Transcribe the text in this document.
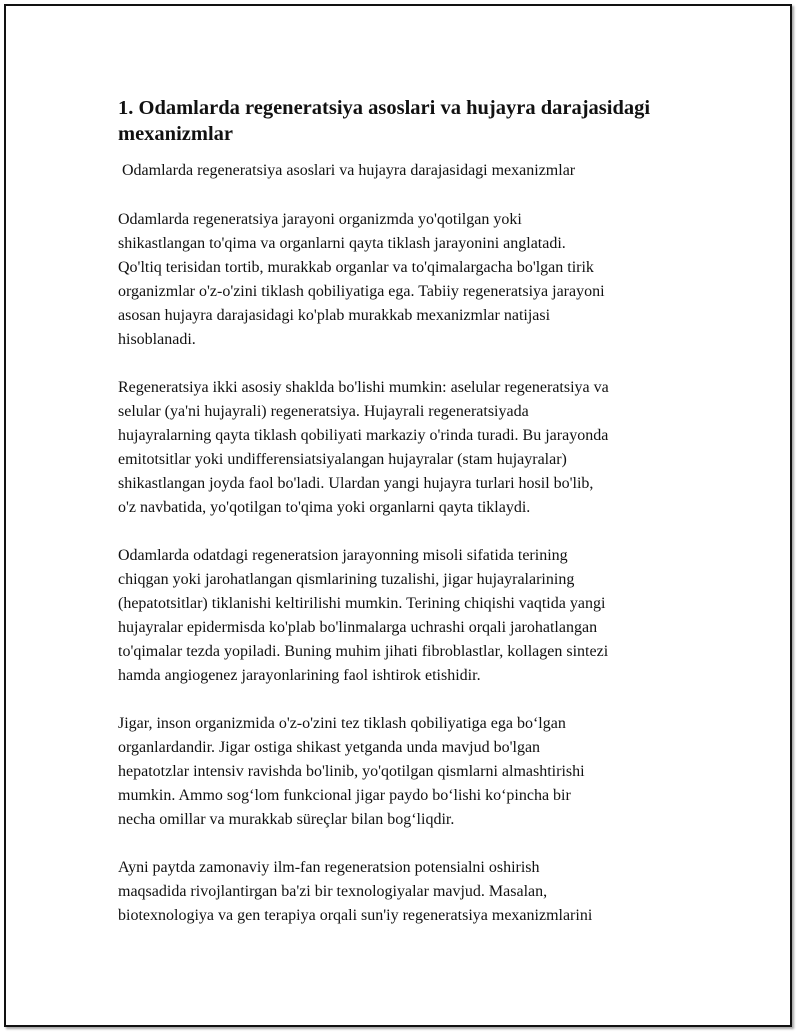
1. Odamlarda regeneratsiya asoslari va hujayra darajasidagi
mexanizmlar
Odamlarda regeneratsiya asoslari va hujayra darajasidagi mexanizmlar
Odamlarda regeneratsiya jarayoni organizmda yo'qotilgan yoki
shikastlangan to'qima va organlarni qayta tiklash jarayonini anglatadi.
Qo'ltiq terisidan tortib, murakkab organlar va to'qimalargacha bo'lgan tirik
organizmlar o'z-o'zini tiklash qobiliyatiga ega. Tabiiy regeneratsiya jarayoni
asosan hujayra darajasidagi ko'plab murakkab mexanizmlar natijasi
hisoblanadi.
Regeneratsiya ikki asosiy shaklda bo'lishi mumkin: aselular regeneratsiya va
selular (ya'ni hujayrali) regeneratsiya. Hujayrali regeneratsiyada
hujayralarning qayta tiklash qobiliyati markaziy o'rinda turadi. Bu jarayonda
emitotsitlar yoki undifferensiatsiyalangan hujayralar (stam hujayralar)
shikastlangan joyda faol bo'ladi. Ulardan yangi hujayra turlari hosil bo'lib,
o'z navbatida, yo'qotilgan to'qima yoki organlarni qayta tiklaydi.
Odamlarda odatdagi regeneratsion jarayonning misoli sifatida terining
chiqgan yoki jarohatlangan qismlarining tuzalishi, jigar hujayralarining
(hepatotsitlar) tiklanishi keltirilishi mumkin. Terining chiqishi vaqtida yangi
hujayralar epidermisda ko'plab bo'linmalarga uchrashi orqali jarohatlangan
to'qimalar tezda yopiladi. Buning muhim jihati fibroblastlar, kollagen sintezi
hamda angiogenez jarayonlarining faol ishtirok etishidir.
Jigar, inson organizmida o'z-o'zini tez tiklash qobiliyatiga ega bo‘lgan
organlardandir. Jigar ostiga shikast yetganda unda mavjud bo'lgan
hepatotzlar intensiv ravishda bo'linib, yo'qotilgan qismlarni almashtirishi
mumkin. Ammo sog‘lom funkcional jigar paydo bo‘lishi ko‘pincha bir
necha omillar va murakkab süreçlar bilan bog‘liqdir.
Ayni paytda zamonaviy ilm-fan regeneratsion potensialni oshirish
maqsadida rivojlantirgan ba'zi bir texnologiyalar mavjud. Masalan,
biotexnologiya va gen terapiya orqali sun'iy regeneratsiya mexanizmlarini
